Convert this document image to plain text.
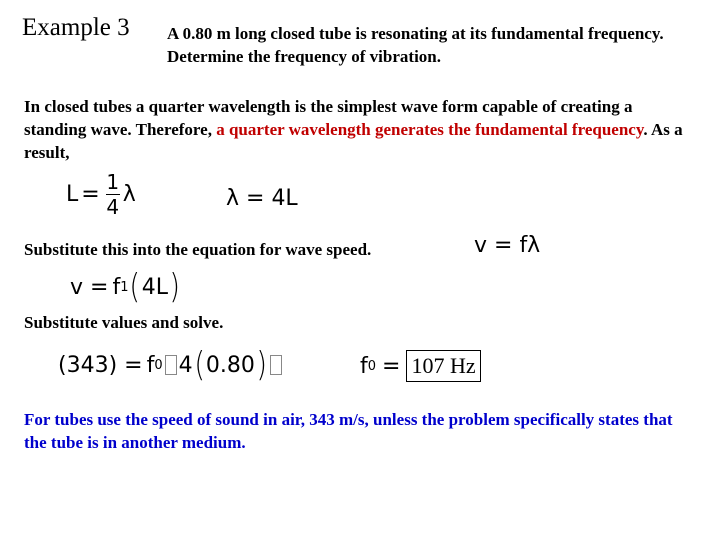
Example 3 A 0.80 m long closed tube is resonating at its fundamental frequency. Determine the frequency of vibration.
In closed tubes a quarter wavelength is the simplest wave form capable of creating a standing wave. Therefore, a quarter wavelength generates the fundamental frequency. As a result,
$L = \frac{1}{4}$ λ	λ = 4L
Substitute this into the equation for wave speed.	v = fλ
v = f 1 ( 4L )
Substitute values and solve.
(343) = f 0 4 ( 0.80 )	f 0 = 107 Hz
For tubes use the speed of sound in air, 343 m/s, unless the problem specifically states that the tube is in another medium.
